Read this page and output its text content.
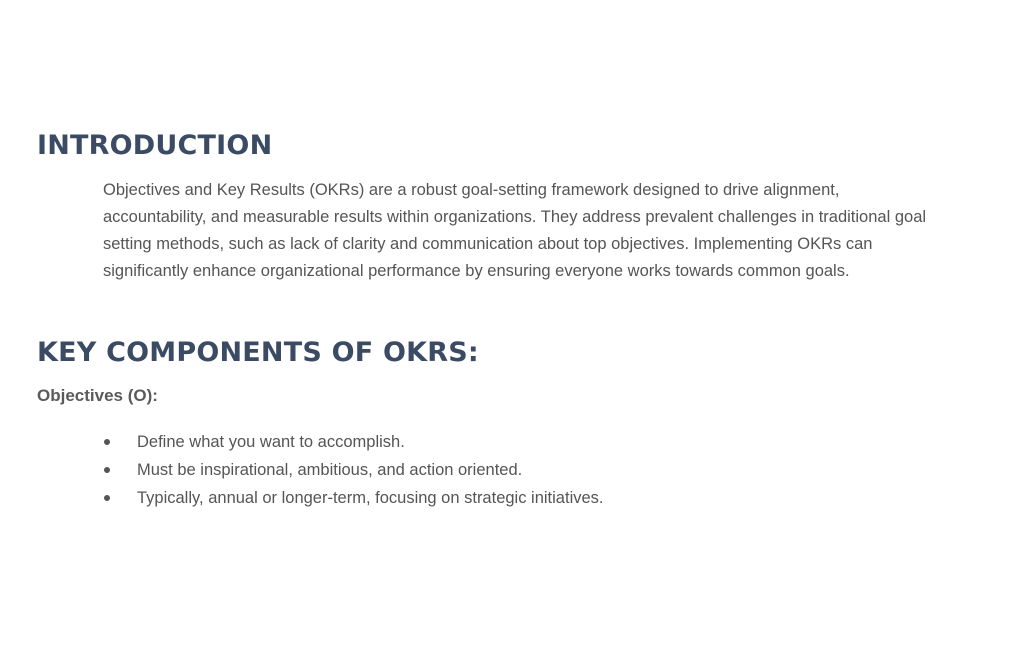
INTRODUCTION

Objectives and Key Results (OKRs) are a robust goal-setting framework designed to drive alignment,
accountability, and measurable results within organizations. They address prevalent challenges in traditional goal
setting methods, such as lack of clarity and communication about top objectives. Implementing OKRs can
significantly enhance organizational performance by ensuring everyone works towards common goals.

KEY COMPONENTS OF OKRS:
Objectives (O):
Define what you want to accomplish.
Must be inspirational, ambitious, and action oriented.
Typically, annual or longer-term, focusing on strategic initiatives.
